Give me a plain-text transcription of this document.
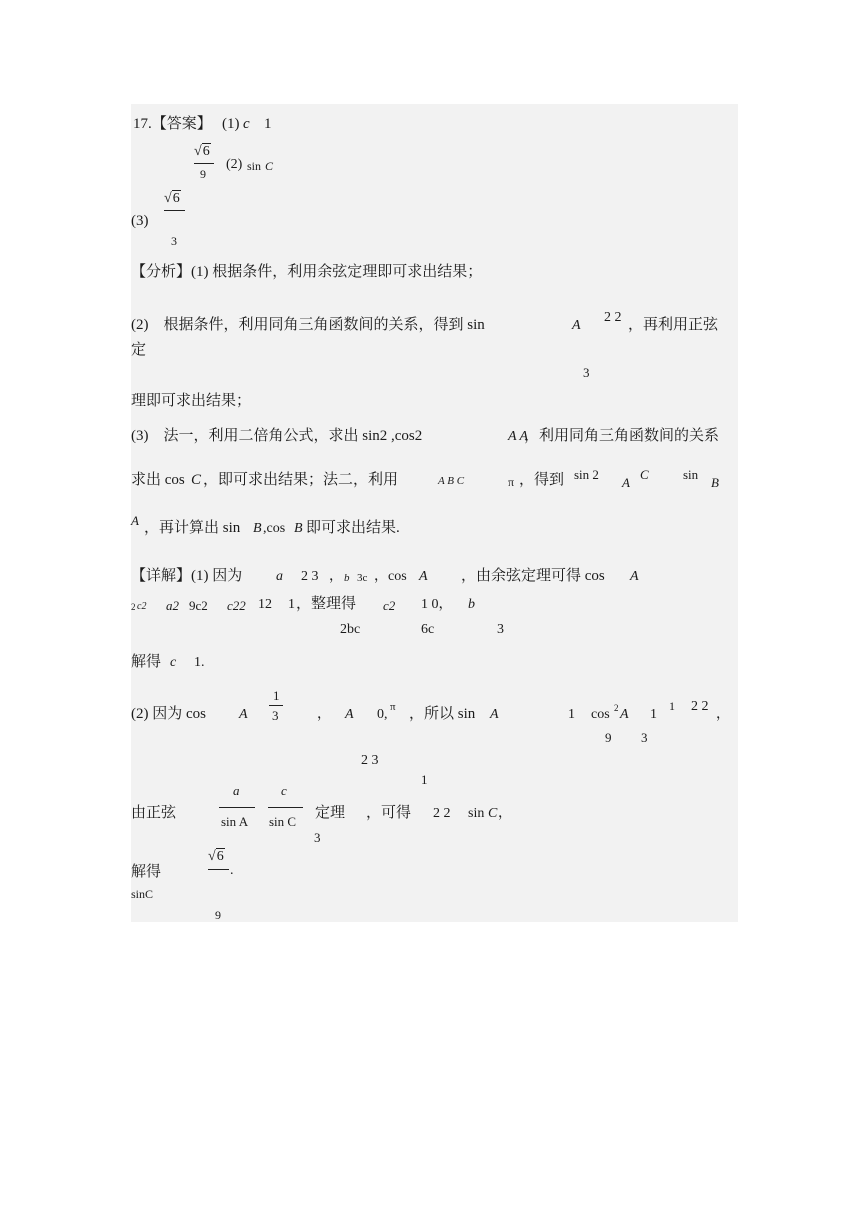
17.【答案】 (1) c 1
√6
9
(2) sin C
√6
(3)
3
【分析】(1) 根据条件，利用余弦定理即可求出结果；
(2)　根据条件，利用同角三角函数间的关系，得到 sin	A
2 2 ，再利用正弦
定
3
理即可求出结果；
(3)　法一，利用二倍角公式，求出 sin2 ,cos2	A A
，利用同角三角函数间的关系
求出 cos C ，即可求出结果；法二，利用	A B C	π ，得到 sin 2
A
C	sin
B
A ，再计算出 sin B ,cos B 即可求出结果.
【详解】(1) 因为 a 2 3 ， b 3c ，cos A ，由余弦定理可得 cos A
2 c2 a2 9c2 c22 12 1 ，整理得 c2 1 0， b
2bc	6c	3
解得 c 1.
(2) 因为 cos A
1
3	， A 0, π ，所以 sin A	1 cos 2 A 1
1 2 2
，
9 3
2 3
1
由正弦
a
sin A
c
sin C
定理 ，可得 2 2 sin C ，
3
√6
解得	.
sinC
9
